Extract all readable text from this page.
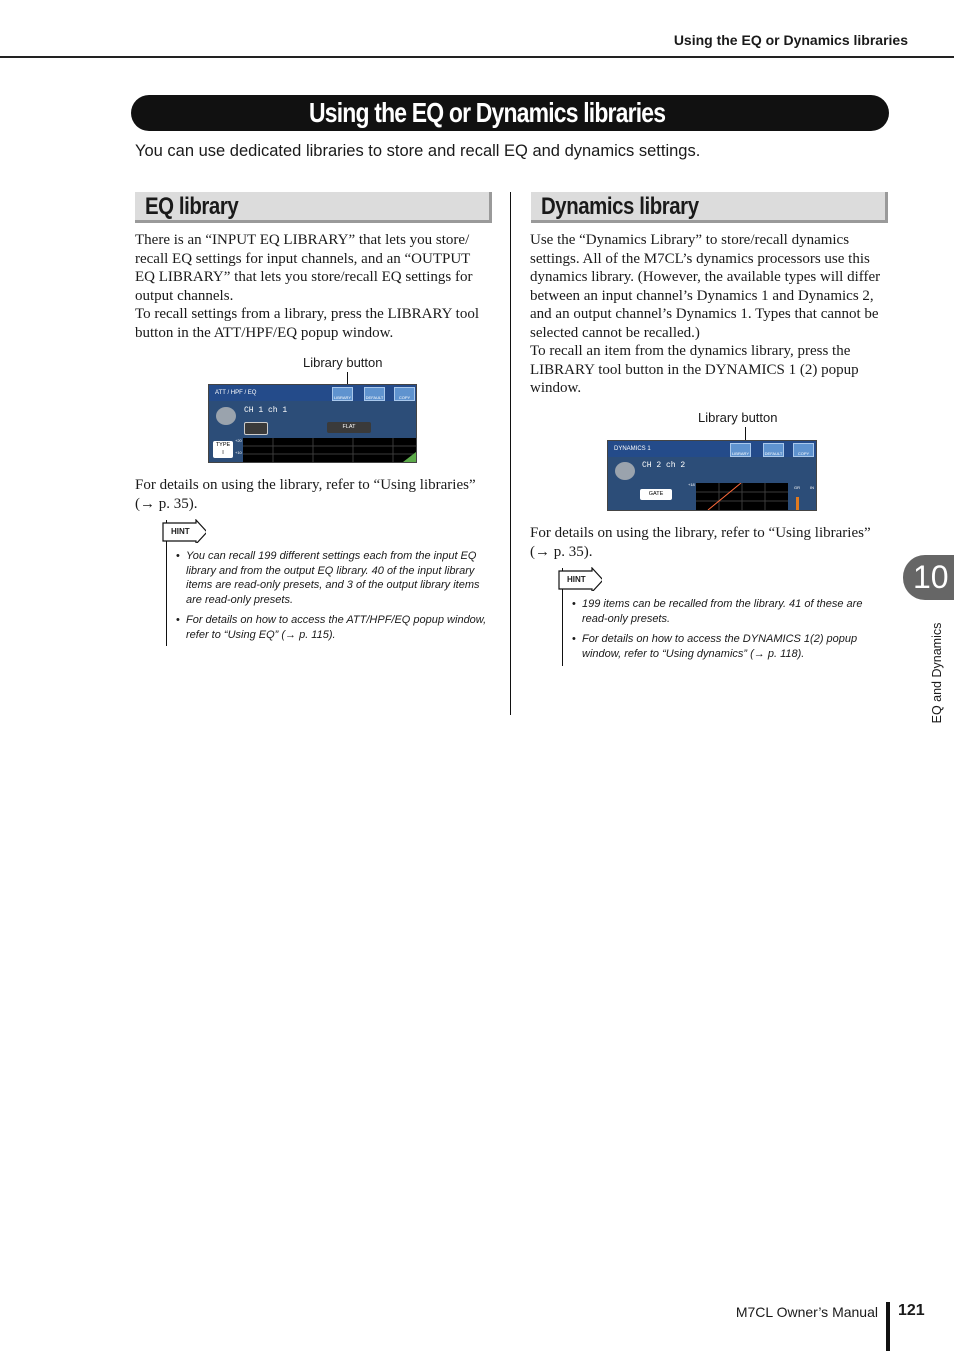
Using the EQ or Dynamics libraries
Using the EQ or Dynamics libraries
You can use dedicated libraries to store and recall EQ and dynamics settings.
EQ library

There is an “INPUT EQ LIBRARY” that lets you store/ recall EQ settings for input channels, and an “OUTPUT EQ LIBRARY” that lets you store/recall EQ settings for output channels.

To recall settings from a library, press the LIBRARY tool button in the ATT/HPF/EQ popup window.

Library button
ATT / HPF / EQ
LIBRARY	DEFAULT	COPY
CH 1 ch 1
FLAT
TYPE
I
+20
+10
For details on using the library, refer to “Using libraries” (→ p. 35).
HINT
• You can recall 199 different settings each from the input EQ library and from the output EQ library. 40 of the input library items are read-only presets, and 3 of the output library items are read-only presets.
• For details on how to access the ATT/HPF/EQ popup window, refer to “Using EQ” (→ p. 115).
Dynamics library

Use the “Dynamics Library” to store/recall dynamics settings. All of the M7CL’s dynamics processors use this dynamics library. (However, the available types will differ between an input channel’s Dynamics 1 and Dynamics 2, and an output channel’s Dynamics 1. Types that cannot be selected cannot be recalled.)

To recall an item from the dynamics library, press the LIBRARY tool button in the DYNAMICS 1 (2) popup window.

Library button
DYNAMICS 1
LIBRARY	DEFAULT	COPY
CH 2 ch 2
GATE
+18
GR	IN
For details on using the library, refer to “Using libraries” (→ p. 35).
HINT
• 199 items can be recalled from the library. 41 of these are read-only presets.
• For details on how to access the DYNAMICS 1(2) popup window, refer to “Using dynamics” (→ p. 118).
10
EQ and Dynamics
M7CL Owner’s Manual 121
